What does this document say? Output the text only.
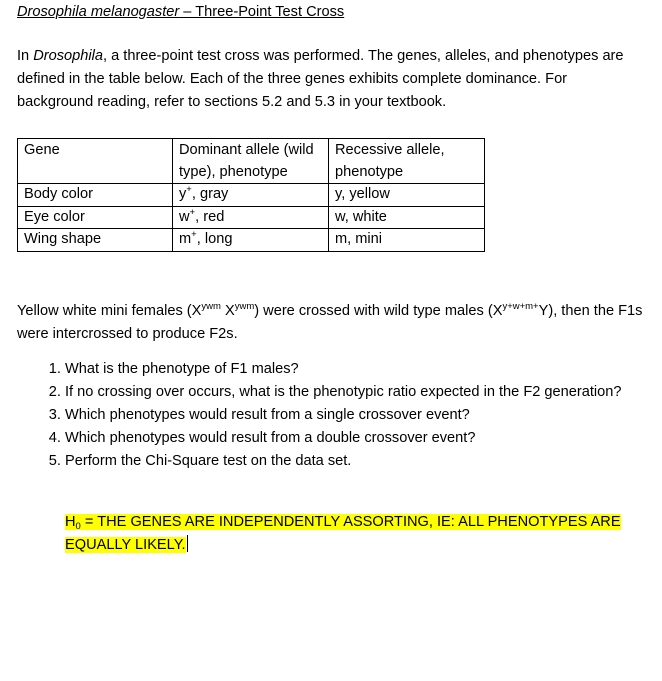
Drosophila melanogaster – Three-Point Test Cross

In Drosophila, a three-point test cross was performed. The genes, alleles, and phenotypes are defined in the table below. Each of the three genes exhibits complete dominance. For background reading, refer to sections 5.2 and 5.3 in your textbook.

Gene	Dominant allele (wild type), phenotype	Recessive allele, phenotype
Body color	y+, gray	y, yellow
Eye color	w+, red	w, white
Wing shape	m+, long	m, mini

Yellow white mini females ($X^{ywm}$ $X^{ywm}$) were crossed with wild type males $(X^{y+w+m+}Y)$, then the F1s were intercrossed to produce F2s.

1. What is the phenotype of F1 males?
2. If no crossing over occurs, what is the phenotypic ratio expected in the F2 generation?
3. Which phenotypes would result from a single crossover event?
4. Which phenotypes would result from a double crossover event?
5. Perform the Chi-Square test on the data set.

$H_0$ = THE GENES ARE INDEPENDENTLY ASSORTING, IE: ALL PHENOTYPES ARE EQUALLY LIKELY.
